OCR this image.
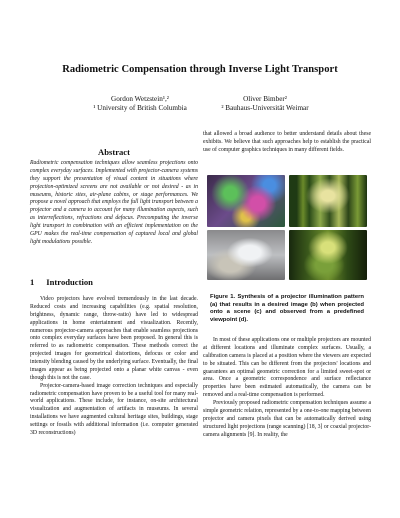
Radiometric Compensation through Inverse Light Transport
Gordon Wetzstein¹,²
¹ University of British Columbia
Oliver Bimber²
² Bauhaus-Universität Weimar
Abstract
Radiometric compensation techniques allow seamless projections onto complex everyday surfaces. Implemented with projector-camera systems they support the presentation of visual content in situations where projection-optimized screens are not available or not desired - as in museums, historic sites, air-plane cabins, or stage performances. We propose a novel approach that employs the full light transport between a projector and a camera to account for many illumination aspects, such as interreflections, refractions and defocus. Precomputing the inverse light transport in combination with an efficient implementation on the GPU makes the real-time compensation of captured local and global light modulations possible.
that allowed a broad audience to better understand details about these exhibits. We believe that such approaches help to establish the practical use of computer graphics techniques in many different fields.
Figure 1. Synthesis of a projector illumination pattern (a) that results in a desired image (b) when projected onto a scene (c) and observed from a predefined viewpoint (d).
1 Introduction

Video projectors have evolved tremendously in the last decade. Reduced costs and increasing capabilities (e.g. spatial resolution, brightness, dynamic range, throw-ratio) have led to widespread applications in home entertainment and visualization. Recently, numerous projector-camera approaches that enable seamless projections onto complex everyday surfaces have been proposed. In general this is referred to as radiometric compensation. These methods correct the projected images for geometrical distortions, defocus or color and intensity blending caused by the underlying surface. Eventually, the final images appear as being projected onto a planar white canvas - even though this is not the case.

Projector-camera-based image correction techniques and especially radiometric compensation have proven to be a useful tool for many real-world applications. These include, for instance, on-site architectural visualization and augmentation of artifacts in museums. In several installations we have augmented cultural heritage sites, buildings, stage settings or fossils with additional information (i.e. computer generated 3D reconstructions)

In most of these applications one or multiple projectors are mounted at different locations and illuminate complex surfaces. Usually, a calibration camera is placed at a position where the viewers are expected to be situated. This can be different from the projectors' locations and guarantees an optimal geometric correction for a limited sweet-spot or area. Once a geometric correspondence and surface reflectance properties have been estimated automatically, the camera can be removed and a real-time compensation is performed.

Previously proposed radiometric compensation techniques assume a simple geometric relation, represented by a one-to-one mapping between projector and camera pixels that can be automatically derived using structured light projections (range scanning) [18, 3] or coaxial projector-camera alignments [9]. In reality, the
